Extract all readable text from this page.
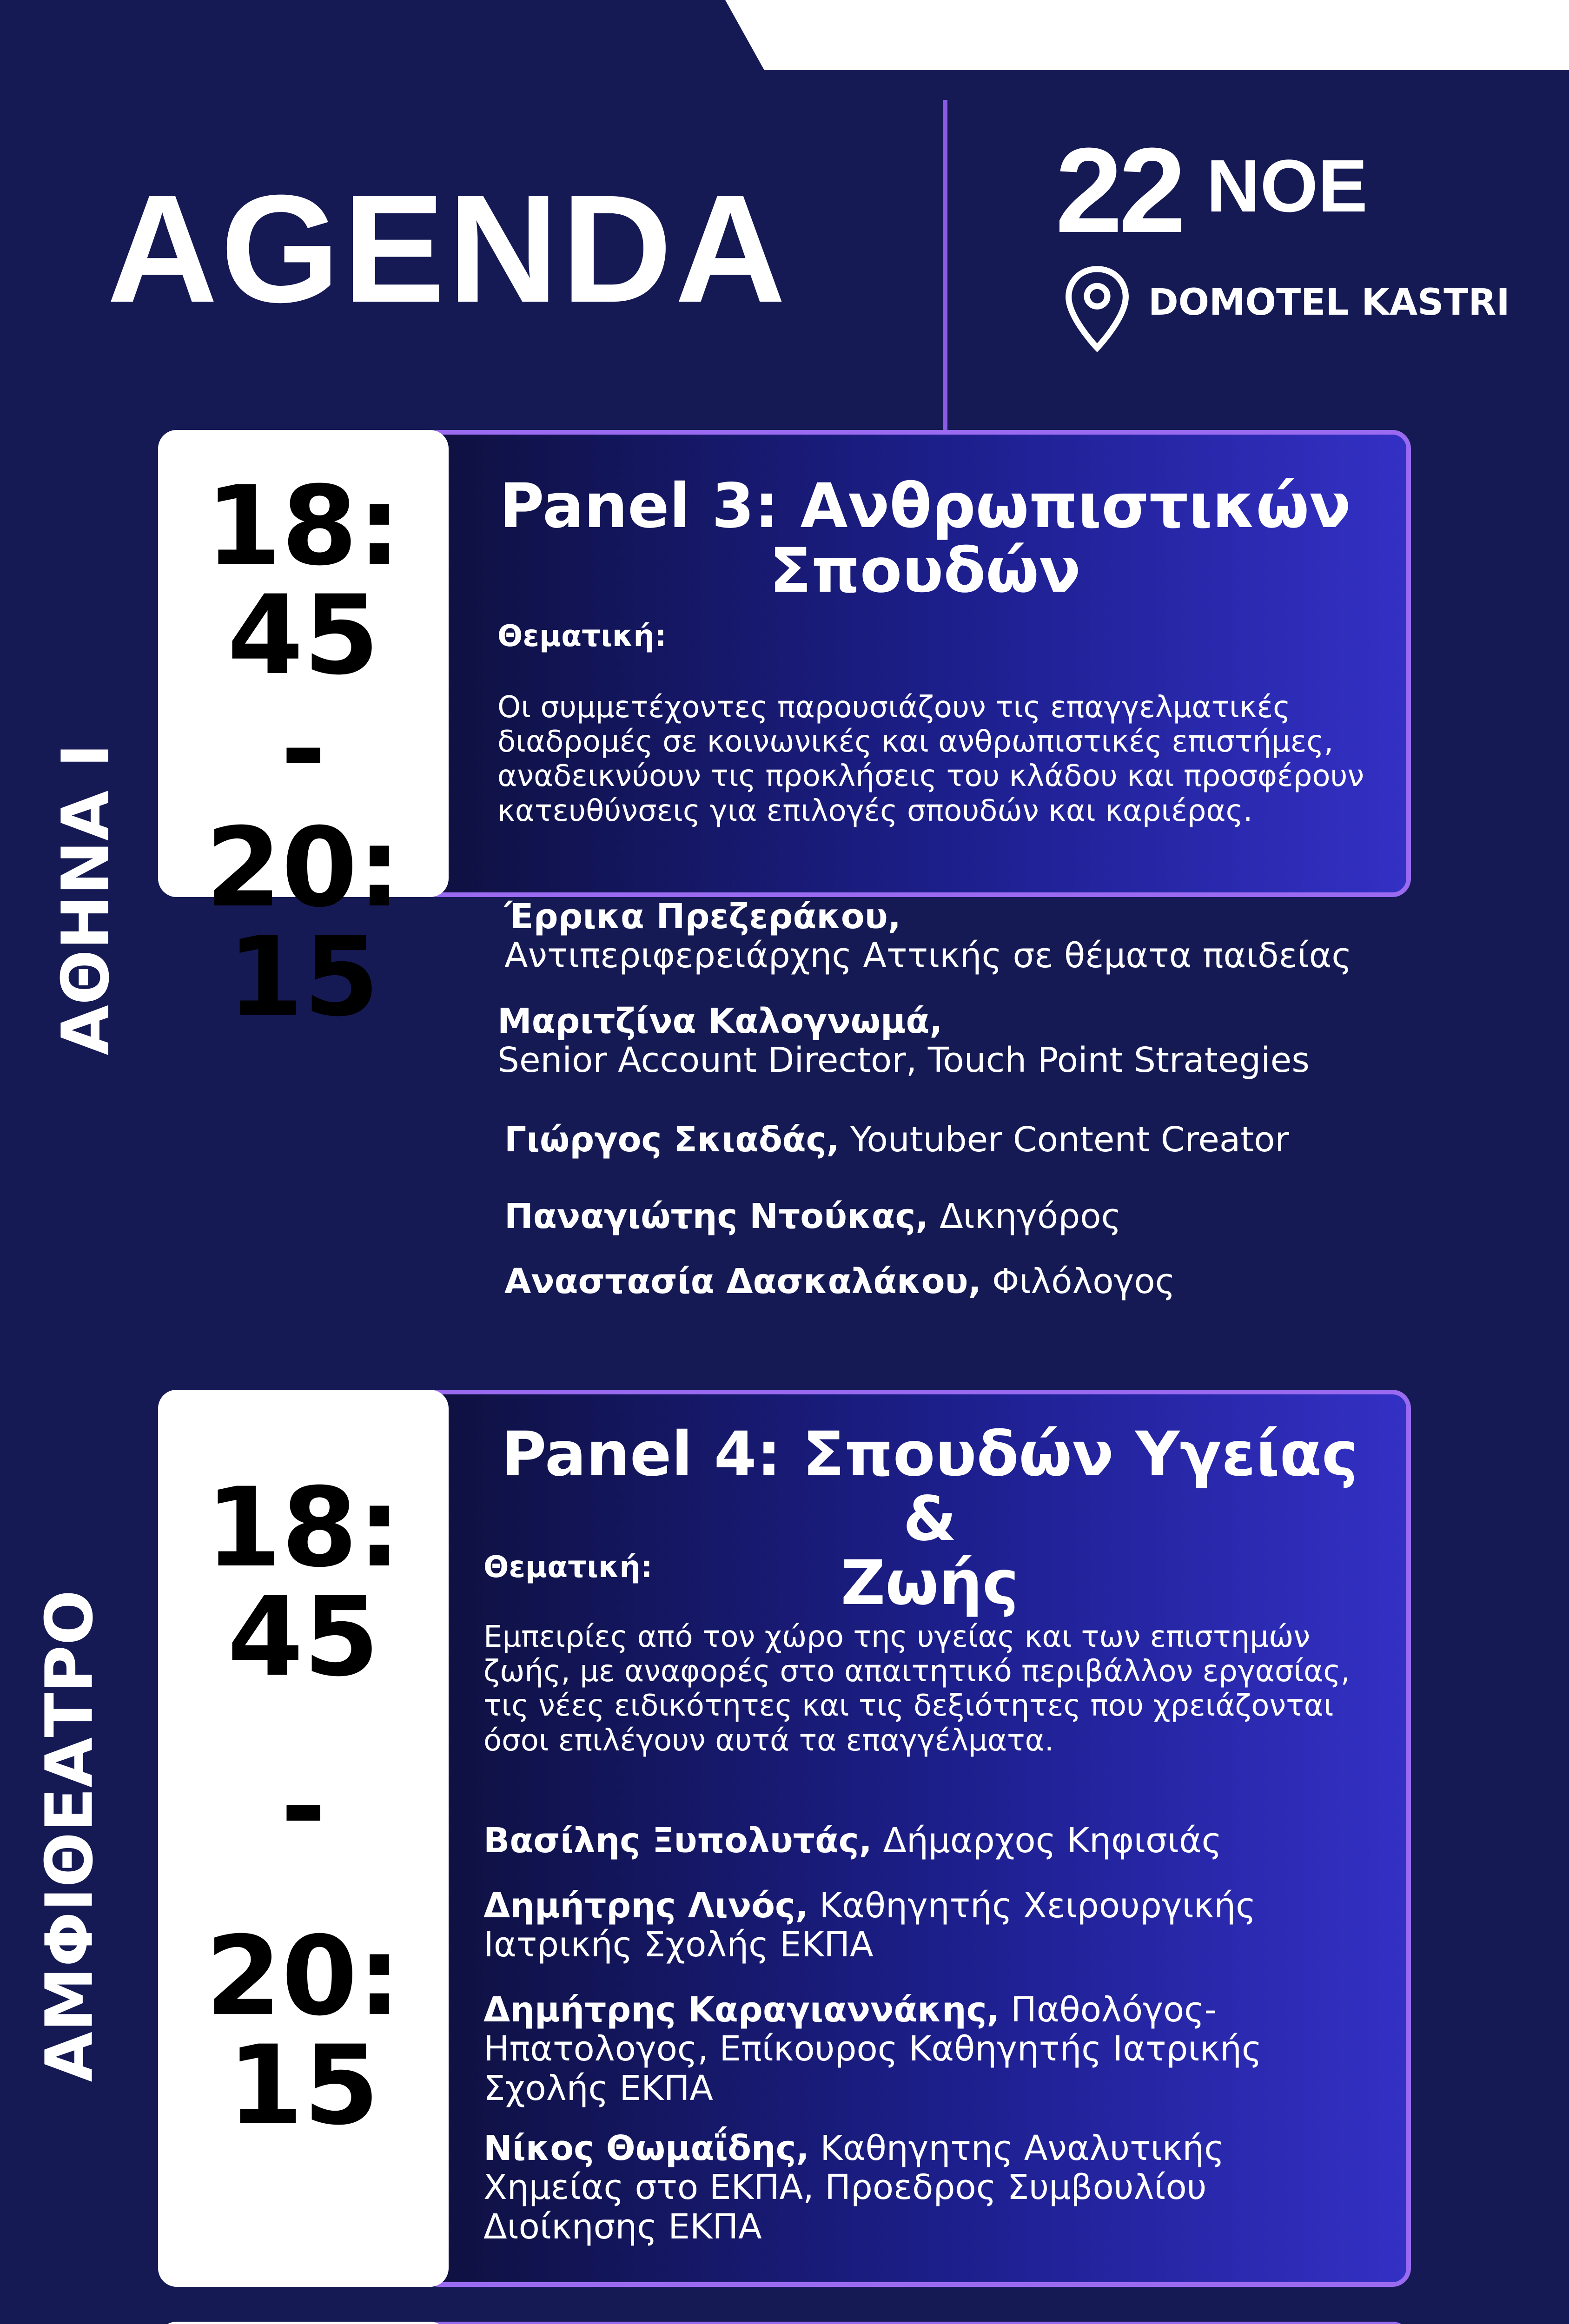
AGENDA 22 ΝΟΕ
DOMOTEL KASTRI
18:
45
-
20:
15
ΑΘΗΝΑ Ι
Panel 3: Ανθρωπιστικών
Σπουδών
Θεματική:
Οι συμμετέχοντες παρουσιάζουν τις επαγγελματικές διαδρομές σε κοινωνικές και ανθρωπιστικές επιστήμες, αναδεικνύουν τις προκλήσεις του κλάδου και προσφέρουν κατευθύνσεις για επιλογές σπουδών και καριέρας.
Έρρικα Πρεζεράκου,
Αντιπεριφερειάρχης Αττικής σε θέματα παιδείας
Μαριτζίνα Καλογνωμά,
Senior Account Director, Touch Point Strategies
Γιώργος Σκιαδάς, Youtuber Content Creator
Παναγιώτης Ντούκας, Δικηγόρος
Αναστασία Δασκαλάκου, Φιλόλογος
18:
45
-
20:
15
ΑΜΦΙΘΕΑΤΡΟ
Panel 4: Σπουδών Υγείας &
Ζωής
Θεματική:
Εμπειρίες από τον χώρο της υγείας και των επιστημών ζωής, με αναφορές στο απαιτητικό περιβάλλον εργασίας, τις νέες ειδικότητες και τις δεξιότητες που χρειάζονται όσοι επιλέγουν αυτά τα επαγγέλματα.
Βασίλης Ξυπολυτάς, Δήμαρχος Κηφισιάς
Δημήτρης Λινός, Καθηγητής Χειρουργικής Ιατρικής Σχολής ΕΚΠΑ
Δημήτρης Καραγιαννάκης, Παθολόγος-Ηπατολογος, Επίκουρος Καθηγητής Ιατρικής Σχολής ΕΚΠΑ
Νίκος Θωμαΐδης, Καθηγητης Αναλυτικής Χημείας στο ΕΚΠΑ, Προεδρος Συμβουλίου Διοίκησης ΕΚΠΑ
